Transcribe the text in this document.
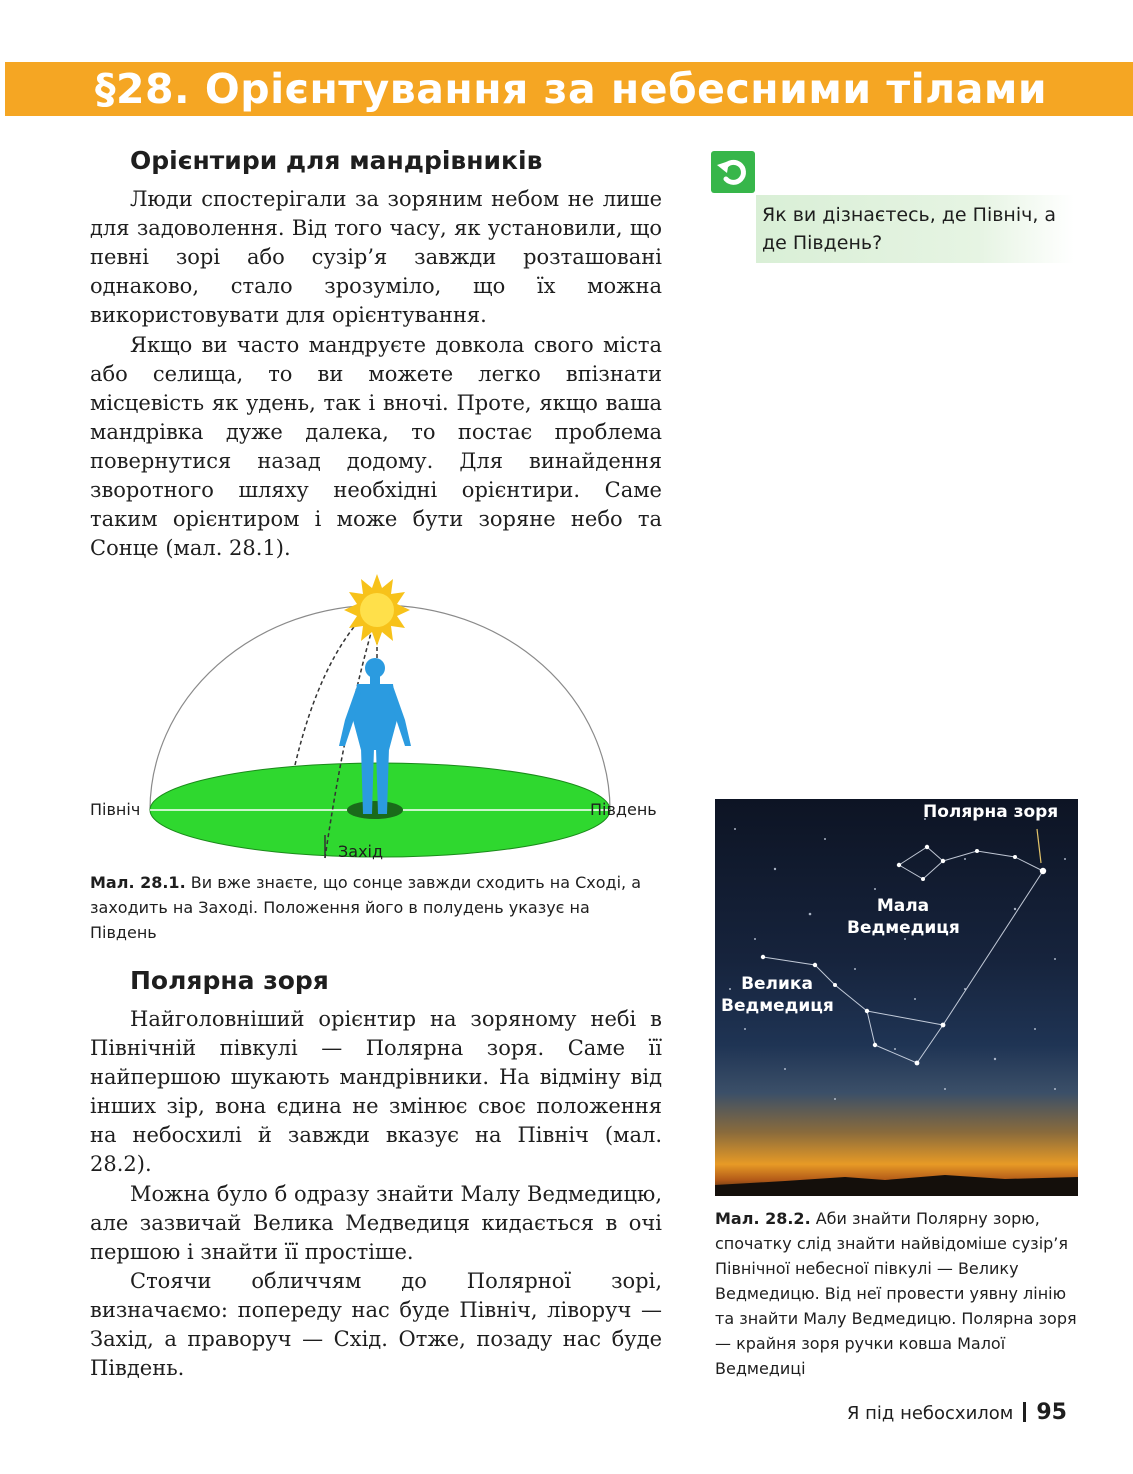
§28. Орієнтування за небесними тілами
Орієнтири для мандрівників

Люди спостерігали за зоряним небом не лише для задоволення. Від того часу, як установили, що певні зорі або сузір’я завжди розташовані однаково, стало зрозуміло, що їх можна використовувати для орієнтування.

Якщо ви часто мандруєте довкола свого міста або селища, то ви можете легко впізнати місцевість як удень, так і вночі. Проте, якщо ваша мандрівка дуже далека, то постає проблема повернутися назад додому. Для винайдення зворотного шляху необхідні орієнтири. Саме таким орієнтиром і може бути зоряне небо та Сонце (мал. 28.1).

Як ви дізнаєтесь, де Північ, а де Південь?

Північ	Південь
Захід

Мал. 28.1. Ви вже знаєте, що сонце завжди сходить на Сході, а заходить на Заході. Положення його в полудень указує на Південь

Полярна зоря

Найголовніший орієнтир на зоряному небі в Північній півкулі — Полярна зоря. Саме її найпершою шукають мандрівники. На відміну від інших зір, вона єдина не змінює своє положення на небосхилі й завжди вказує на Північ (мал. 28.2).

Можна було б одразу знайти Малу Ведмедицю, але зазвичай Велика Медведиця кидається в очі першою і знайти її простіше.

Стоячи обличчям до Полярної зорі, визначаємо: попереду нас буде Північ, ліворуч — Захід, а праворуч — Схід. Отже, позаду нас буде Південь.

Полярна зоря
Мала
Ведмедиця
Велика
Ведмедиця

Мал. 28.2. Аби знайти Полярну зорю, спочатку слід знайти найвідоміше сузір’я Північної небесної півкулі — Велику Ведмедицю. Від неї провести уявну лінію та знайти Малу Ведмедицю. Полярна зоря — крайня зоря ручки ковша Малої Ведмедиці

Я під небосхилом 95
